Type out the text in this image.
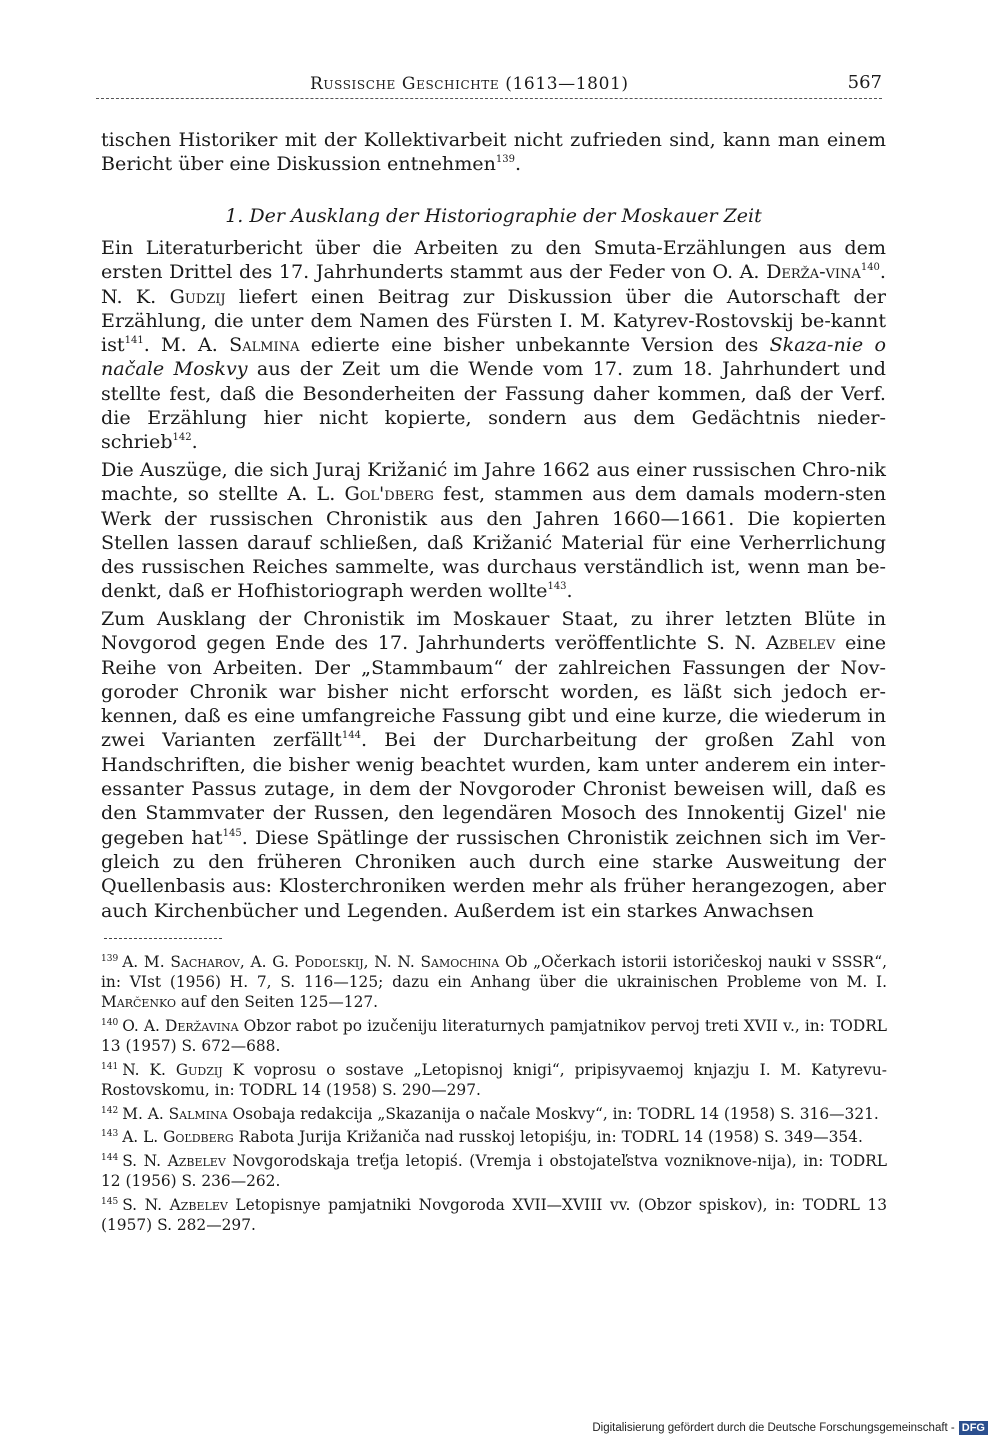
Russische Geschichte (1613—1801)	567

tischen Historiker mit der Kollektivarbeit nicht zufrieden sind, kann man einem

Bericht über eine Diskussion entnehmen$^{139}$.

1. Der Ausklang der Historiographie der Moskauer Zeit

Ein Literaturbericht über die Arbeiten zu den Smuta-Erzählungen aus dem ersten Drittel des 17. Jahrhunderts stammt aus der Feder von O. A. Derža-vina$^{140}$. N. K. Gudzij liefert einen Beitrag zur Diskussion über die Autorschaft der Erzählung, die unter dem Namen des Fürsten I. M. Katyrev-Rostovskij be-kannt ist$^{141}$. M. A. Salmina edierte eine bisher unbekannte Version des Skaza-nie o načale Moskvy aus der Zeit um die Wende vom 17. zum 18. Jahrhundert und stellte fest, daß die Besonderheiten der Fassung daher kommen, daß der Verf. die Erzählung hier nicht kopierte, sondern aus dem Gedächtnis nieder-schrieb$^{142}$.

Die Auszüge, die sich Juraj Križanić im Jahre 1662 aus einer russischen Chro-nik machte, so stellte A. L. Gol'dberg fest, stammen aus dem damals modern-sten Werk der russischen Chronistik aus den Jahren 1660—1661. Die kopierten Stellen lassen darauf schließen, daß Križanić Material für eine Verherrlichung des russischen Reiches sammelte, was durchaus verständlich ist, wenn man be-denkt, daß er Hofhistoriograph werden wollte$^{143}$.

Zum Ausklang der Chronistik im Moskauer Staat, zu ihrer letzten Blüte in Novgorod gegen Ende des 17. Jahrhunderts veröffentlichte S. N. Azbelev eine Reihe von Arbeiten. Der „Stammbaum“ der zahlreichen Fassungen der Nov-goroder Chronik war bisher nicht erforscht worden, es läßt sich jedoch er-kennen, daß es eine umfangreiche Fassung gibt und eine kurze, die wiederum in zwei Varianten zerfällt$^{144}$. Bei der Durcharbeitung der großen Zahl von Handschriften, die bisher wenig beachtet wurden, kam unter anderem ein inter-essanter Passus zutage, in dem der Novgoroder Chronist beweisen will, daß es den Stammvater der Russen, den legendären Mosoch des Innokentij Gizel' nie gegeben hat$^{145}$. Diese Spätlinge der russischen Chronistik zeichnen sich im Ver-gleich zu den früheren Chroniken auch durch eine starke Ausweitung der Quellenbasis aus: Klosterchroniken werden mehr als früher herangezogen, aber auch Kirchenbücher und Legenden. Außerdem ist ein starkes Anwachsen

$^{139}$ A. M. Sacharov, A. G. Podoľskij, N. N. Samochina Ob „Očerkach istorii istoričeskoj nauki v SSSR“, in: VIst (1956) H. 7, S. 116—125; dazu ein Anhang über die ukrainischen Probleme von M. I. Marčenko auf den Seiten 125—127.

$^{140}$ O. A. Deržavina Obzor rabot po izučeniju literaturnych pamjatnikov pervoj treti XVII v., in: TODRL 13 (1957) S. 672—688.

$^{141}$ N. K. Gudzij K voprosu o sostave „Letopisnoj knigi“, pripisyvaemoj knjazju I. M. Katyrevu-Rostovskomu, in: TODRL 14 (1958) S. 290—297.

$^{142}$ M. A. Salmina Osobaja redakcija „Skazanija o načale Moskvy“, in: TODRL 14 (1958) S. 316—321.

$^{143}$ A. L. Goľdberg Rabota Jurija Križaniča nad russkoj letopiśju, in: TODRL 14 (1958) S. 349—354.

$^{144}$ S. N. Azbelev Novgorodskaja treťja letopiś. (Vremja i obstojateľstva vozniknove-nija), in: TODRL 12 (1956) S. 236—262.

$^{145}$ S. N. Azbelev Letopisnye pamjatniki Novgoroda XVII—XVIII vv. (Obzor spiskov), in: TODRL 13 (1957) S. 282—297.

Digitalisierung gefördert durch die Deutsche Forschungsgemeinschaft - DFG
